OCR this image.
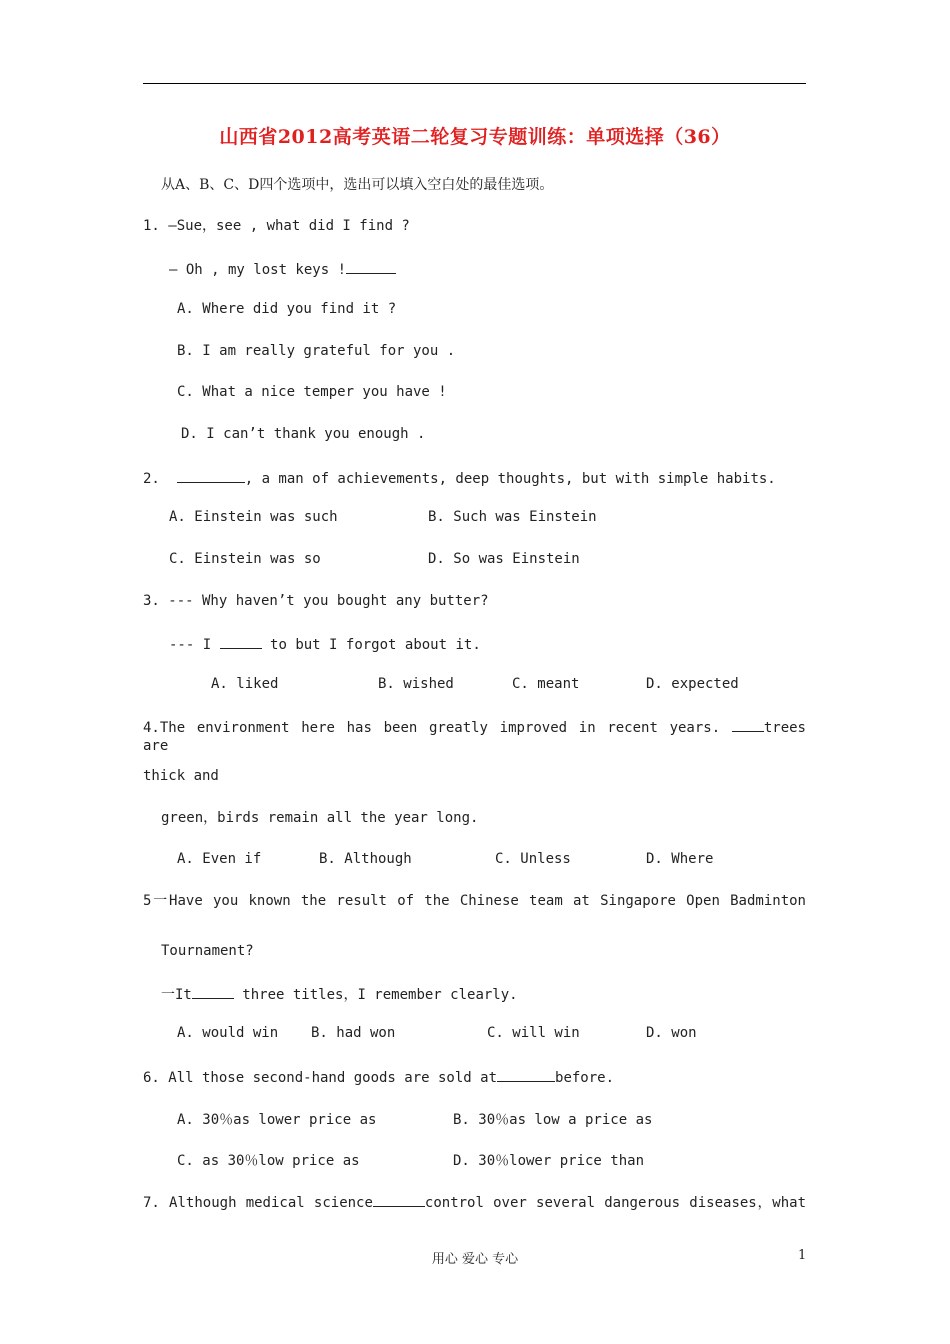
山西省2012高考英语二轮复习专题训练：单项选择（36）
从A、B、C、D四个选项中，选出可以填入空白处的最佳选项。
1. —Sue，see , what did I find ?
— Oh , my lost keys !
A. Where did you find it ?
B. I am really grateful for you .
C. What a nice temper you have !
D. I can’t thank you enough .
2.	, a man of achievements, deep thoughts, but with simple habits.
A. Einstein was such	B. Such was Einstein
C. Einstein was so	D. So was Einstein
3. --- Why haven’t you bought any butter?
--- I	to but I forgot about it.
A. liked	B. wished	C. meant	D. expected
4.The environment here has been greatly improved in recent years.	trees are
thick and
green，birds remain all the year long.
A. Even if	B. Although	C. Unless	D. Where
5一Have you known the result of the Chinese team at Singapore Open Badminton
Tournament?
一It	three titles，I remember clearly.
A. would win B. had won	C. will win	D. won
6. All those second-hand goods are sold at	before.
A. 30％as lower price as	B. 30％as low a price as
C. as 30％low price as	D. 30％lower price than
7. Although medical science	control over several dangerous diseases，what
用心 爱心 专心	1
